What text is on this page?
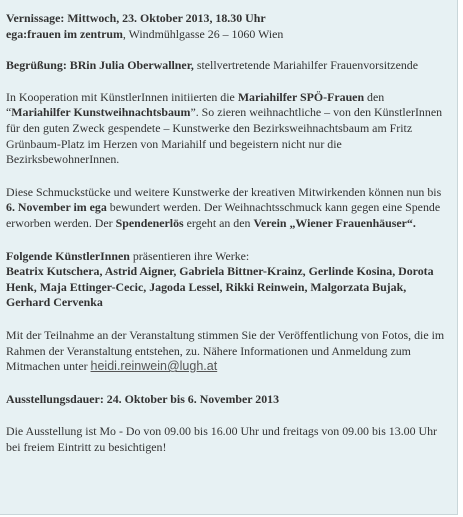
Vernissage: Mittwoch, 23. Oktober 2013, 18.30 Uhr
ega:frauen im zentrum, Windmühlgasse 26 – 1060 Wien

Begrüßung: BRin Julia Oberwallner, stellvertretende Mariahilfer Frauenvorsitzende

In Kooperation mit KünstlerInnen initiierten die Mariahilfer SPÖ-Frauen den “Mariahilfer Kunstweihnachtsbaum”. So zieren weihnachtliche – von den KünstlerInnen für den guten Zweck gespendete – Kunstwerke den Bezirksweihnachtsbaum am Fritz Grünbaum-Platz im Herzen von Mariahilf und begeistern nicht nur die BezirksbewohnerInnen.

Diese Schmuckstücke und weitere Kunstwerke der kreativen Mitwirkenden können nun bis 6. November im ega bewundert werden. Der Weihnachtsschmuck kann gegen eine Spende erworben werden. Der Spendenerlös ergeht an den Verein „Wiener Frauenhäuser“.

Folgende KünstlerInnen präsentieren ihre Werke:
Beatrix Kutschera, Astrid Aigner, Gabriela Bittner-Krainz, Gerlinde Kosina, Dorota Henk, Maja Ettinger-Cecic, Jagoda Lessel, Rikki Reinwein, Malgorzata Bujak, Gerhard Cervenka

Mit der Teilnahme an der Veranstaltung stimmen Sie der Veröffentlichung von Fotos, die im Rahmen der Veranstaltung entstehen, zu. Nähere Informationen und Anmeldung zum Mitmachen unter heidi.reinwein@lugh.at

Ausstellungsdauer: 24. Oktober bis 6. November 2013

Die Ausstellung ist Mo - Do von 09.00 bis 16.00 Uhr und freitags von 09.00 bis 13.00 Uhr bei freiem Eintritt zu besichtigen!
